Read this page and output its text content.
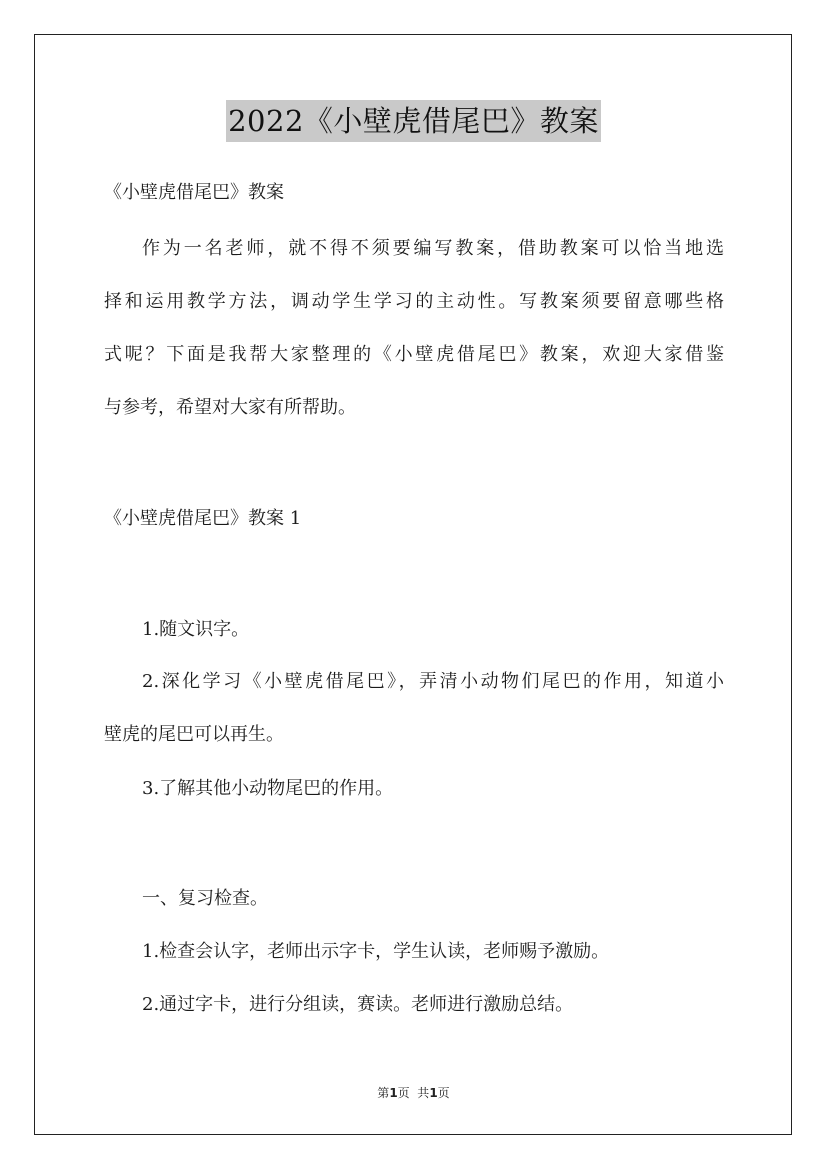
2022《小壁虎借尾巴》教案
《小壁虎借尾巴》教案
作为一名老师，就不得不须要编写教案，借助教案可以恰当地选
择和运用教学方法，调动学生学习的主动性。写教案须要留意哪些格
式呢？下面是我帮大家整理的《小壁虎借尾巴》教案，欢迎大家借鉴
与参考，希望对大家有所帮助。
《小壁虎借尾巴》教案 1
1.随文识字。
2.深化学习《小壁虎借尾巴》，弄清小动物们尾巴的作用，知道小
壁虎的尾巴可以再生。
3.了解其他小动物尾巴的作用。
一、复习检查。
1.检查会认字，老师出示字卡，学生认读，老师赐予激励。
2.通过字卡，进行分组读，赛读。老师进行激励总结。
第1页  共1页
